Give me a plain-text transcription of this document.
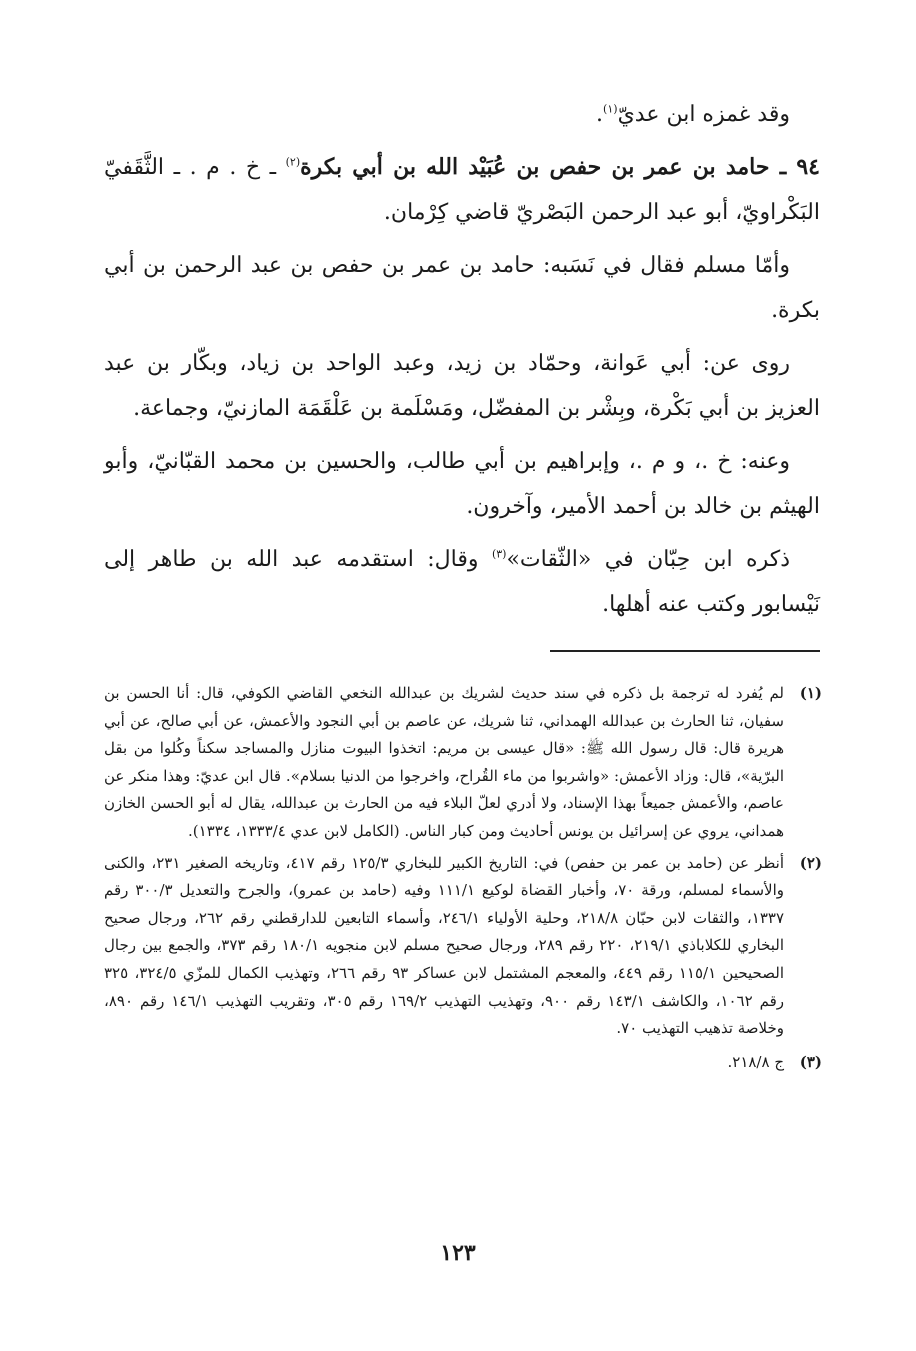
وقد غمزه ابن عديّ$^{(١)}$.

٩٤ ـ حامد بن عمر بن حفص بن عُبَيْد الله بن أبي بكرة$^{(٢)}$ ـ خ . م . ـ الثَّقَفيّ البَكْراويّ، أبو عبد الرحمن البَصْريّ قاضي كِرْمان.

وأمّا مسلم فقال في نَسَبه: حامد بن عمر بن حفص بن عبد الرحمن بن أبي بكرة.

روى عن: أبي عَوانة، وحمّاد بن زيد، وعبد الواحد بن زياد، وبكّار بن عبد العزيز بن أبي بَكْرة، وبِشْر بن المفضّل، ومَسْلَمة بن عَلْقَمَة المازنيّ، وجماعة.

وعنه: خ .، و م .، وإبراهيم بن أبي طالب، والحسين بن محمد القبّانيّ، وأبو الهيثم بن خالد بن أحمد الأمير، وآخرون.

ذكره ابن حِبّان في «الثّقات»$^{(٣)}$ وقال: استقدمه عبد الله بن طاهر إلى نَيْسابور وكتب عنه أهلها.

(١)
لم يُفرد له ترجمة بل ذكره في سند حديث لشريك بن عبدالله النخعي القاضي الكوفي، قال: أنا الحسن بن سفيان، ثنا الحارث بن عبدالله الهمداني، ثنا شريك، عن عاصم بن أبي النجود والأعمش، عن أبي صالح، عن أبي هريرة قال: قال رسول الله ﷺ: «قال عيسى بن مريم: اتخذوا البيوت منازل والمساجد سكناً وكُلوا من بقل البرّية»، قال: وزاد الأعمش: «واشربوا من ماء القُراح، واخرجوا من الدنيا بسلام». قال ابن عديّ: وهذا منكر عن عاصم، والأعمش جميعاً بهذا الإسناد، ولا أدري لعلّ البلاء فيه من الحارث بن عبدالله، يقال له أبو الحسن الخازن همداني، يروي عن إسرائيل بن يونس أحاديث ومن كبار الناس. (الكامل لابن عدي ١٣٣٣/٤، ١٣٣٤).
(٢)
أنظر عن (حامد بن عمر بن حفص) في: التاريخ الكبير للبخاري ١٢٥/٣ رقم ٤١٧، وتاريخه الصغير ٢٣١، والكنى والأسماء لمسلم، ورقة ٧٠، وأخبار القضاة لوكيع ١١١/١ وفيه (حامد بن عمرو)، والجرح والتعديل ٣٠٠/٣ رقم ١٣٣٧، والثقات لابن حبّان ٢١٨/٨، وحلية الأولياء ٢٤٦/١، وأسماء التابعين للدارقطني رقم ٢٦٢، ورجال صحيح البخاري للكلاباذي ٢١٩/١، ٢٢٠ رقم ٢٨٩، ورجال صحيح مسلم لابن منجويه ١٨٠/١ رقم ٣٧٣، والجمع بين رجال الصحيحين ١١٥/١ رقم ٤٤٩، والمعجم المشتمل لابن عساكر ٩٣ رقم ٢٦٦، وتهذيب الكمال للمزّي ٣٢٤/٥، ٣٢٥ رقم ١٠٦٢، والكاشف ١٤٣/١ رقم ٩٠٠، وتهذيب التهذيب ١٦٩/٢ رقم ٣٠٥، وتقريب التهذيب ١٤٦/١ رقم ٨٩٠، وخلاصة تذهيب التهذيب ٧٠.
(٣)
ج ٢١٨/٨.
١٢٣
